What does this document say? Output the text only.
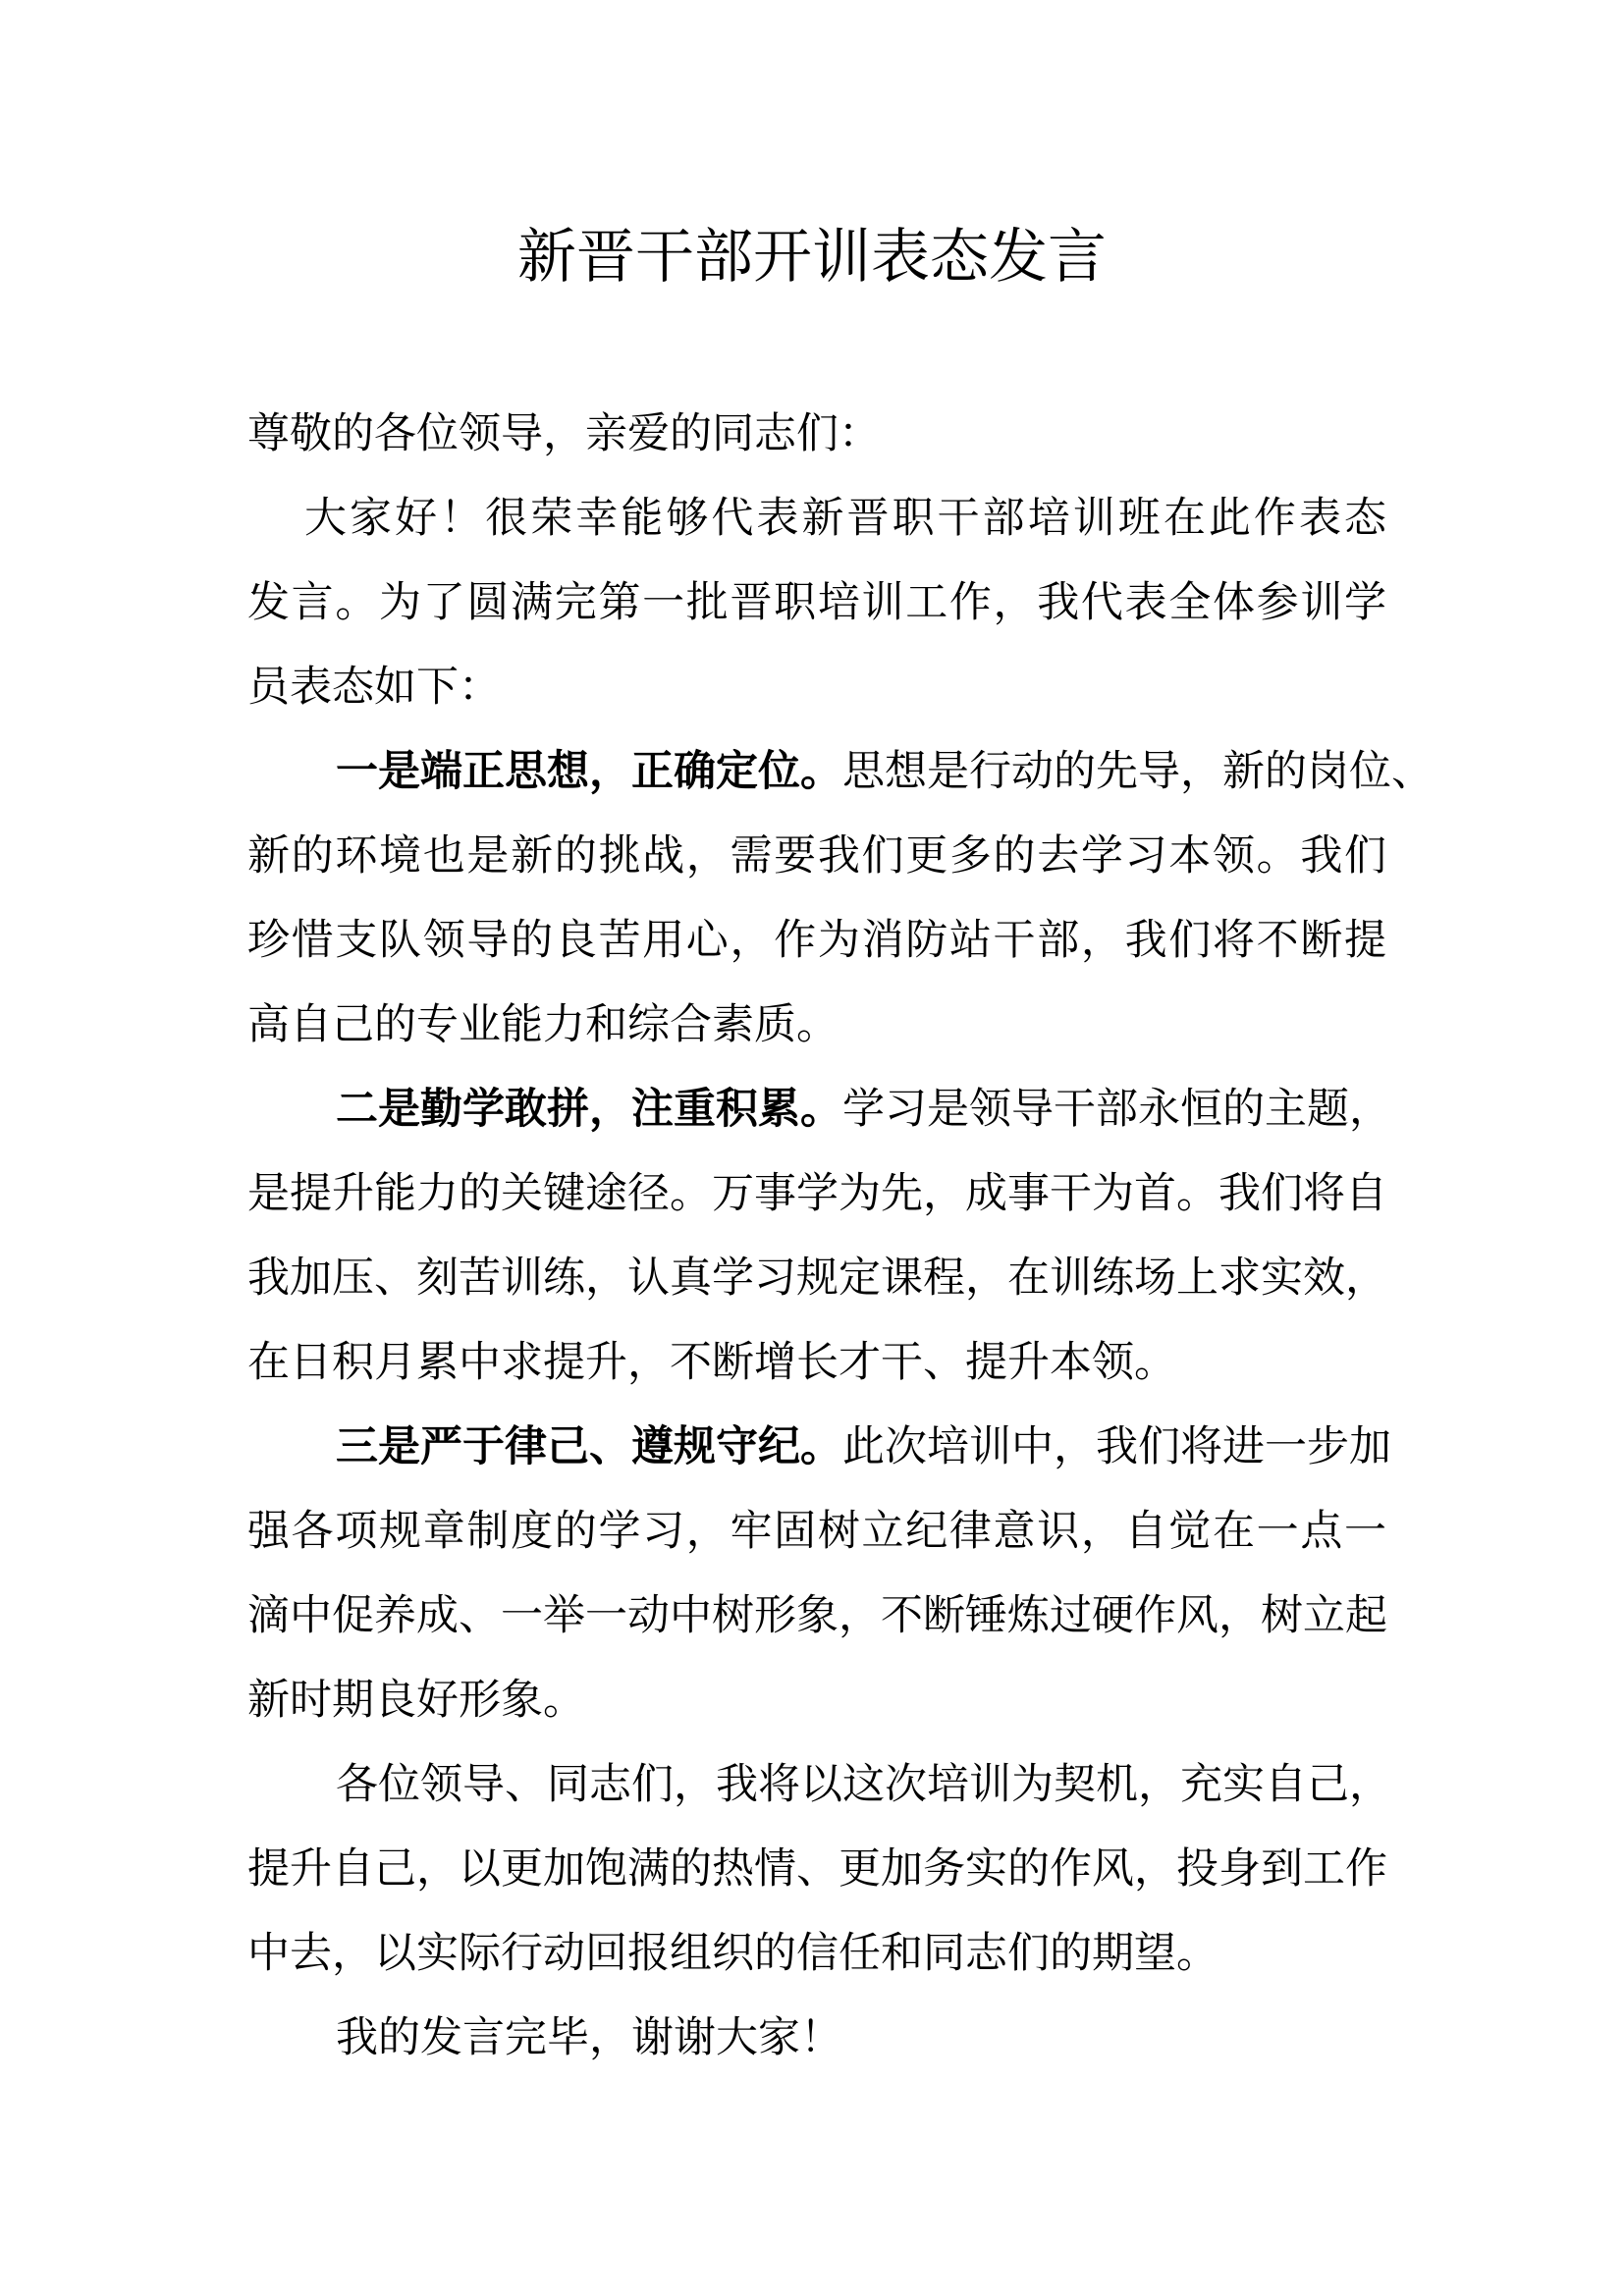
新晋干部开训表态发言
尊敬的各位领导，亲爱的同志们：
大家好！很荣幸能够代表新晋职干部培训班在此作表态
发言。为了圆满完第一批晋职培训工作，我代表全体参训学
员表态如下：
一是端正思想，正确定位。思想是行动的先导，新的岗位、
新的环境也是新的挑战，需要我们更多的去学习本领。我们
珍惜支队领导的良苦用心，作为消防站干部，我们将不断提
高自己的专业能力和综合素质。
二是勤学敢拼，注重积累。学习是领导干部永恒的主题，
是提升能力的关键途径。万事学为先，成事干为首。我们将自
我加压、刻苦训练，认真学习规定课程，在训练场上求实效，
在日积月累中求提升，不断增长才干、提升本领。
三是严于律己、遵规守纪。此次培训中，我们将进一步加
强各项规章制度的学习，牢固树立纪律意识，自觉在一点一
滴中促养成、一举一动中树形象，不断锤炼过硬作风，树立起
新时期良好形象。
各位领导、同志们，我将以这次培训为契机，充实自己，
提升自己，以更加饱满的热情、更加务实的作风，投身到工作
中去，以实际行动回报组织的信任和同志们的期望。
我的发言完毕，谢谢大家！
